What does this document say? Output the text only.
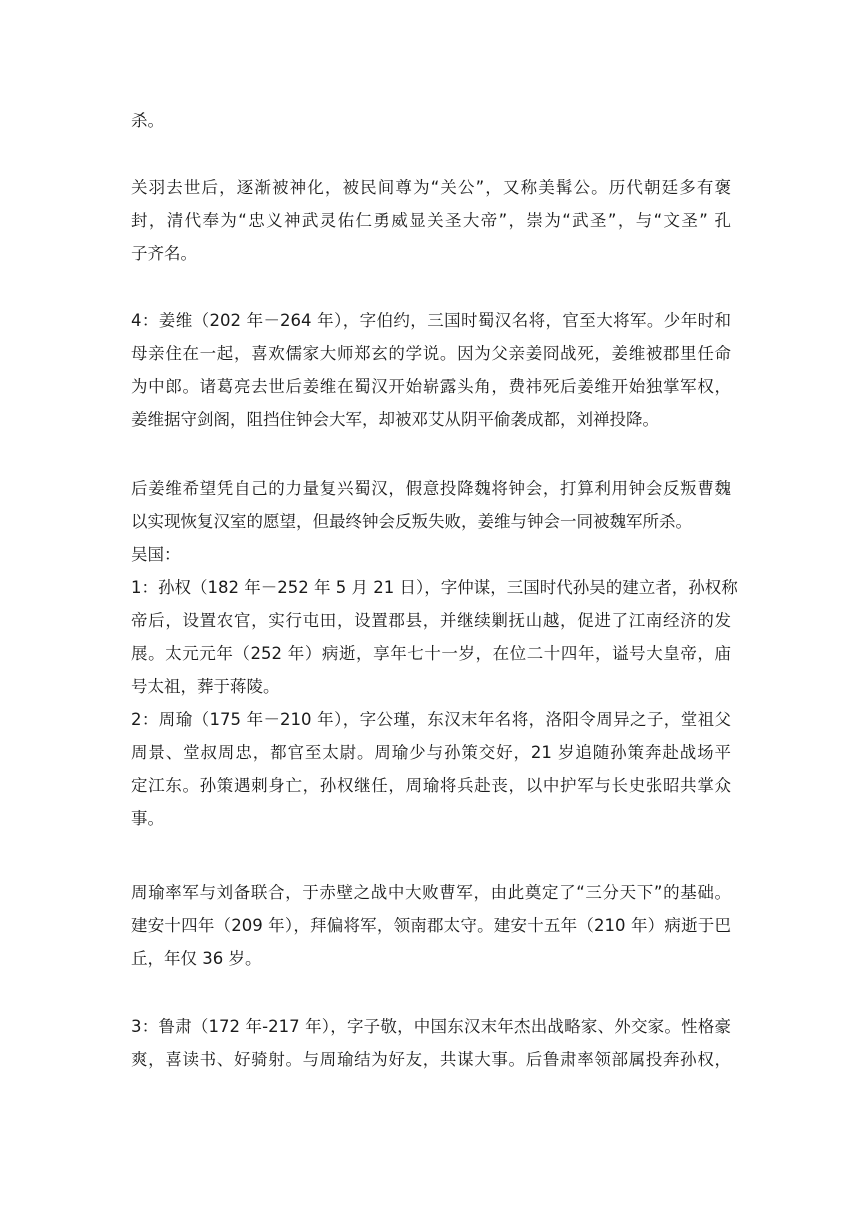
杀。
关羽去世后，逐渐被神化，被民间尊为“关公”，又称美髯公。历代朝廷多有褒
封，清代奉为“忠义神武灵佑仁勇威显关圣大帝”，崇为“武圣”，与“文圣” 孔
子齐名。
4：姜维（202 年－264 年），字伯约，三国时蜀汉名将，官至大将军。少年时和
母亲住在一起，喜欢儒家大师郑玄的学说。因为父亲姜冏战死，姜维被郡里任命
为中郎。诸葛亮去世后姜维在蜀汉开始崭露头角，费祎死后姜维开始独掌军权，
姜维据守剑阁，阻挡住钟会大军，却被邓艾从阴平偷袭成都，刘禅投降。
后姜维希望凭自己的力量复兴蜀汉，假意投降魏将钟会，打算利用钟会反叛曹魏
以实现恢复汉室的愿望，但最终钟会反叛失败，姜维与钟会一同被魏军所杀。
吴国：
1：孙权（182 年－252 年 5 月 21 日），字仲谋，三国时代孙吴的建立者，孙权称
帝后，设置农官，实行屯田，设置郡县，并继续剿抚山越，促进了江南经济的发
展。太元元年（252 年）病逝，享年七十一岁，在位二十四年，谥号大皇帝，庙
号太祖，葬于蒋陵。
2：周瑜（175 年－210 年），字公瑾，东汉末年名将，洛阳令周异之子，堂祖父
周景、堂叔周忠，都官至太尉。周瑜少与孙策交好，21 岁追随孙策奔赴战场平
定江东。孙策遇刺身亡，孙权继任，周瑜将兵赴丧，以中护军与长史张昭共掌众
事。
周瑜率军与刘备联合，于赤壁之战中大败曹军，由此奠定了“三分天下”的基础。
建安十四年（209 年），拜偏将军，领南郡太守。建安十五年（210 年）病逝于巴
丘，年仅 36 岁。
3：鲁肃（172 年-217 年），字子敬，中国东汉末年杰出战略家、外交家。性格豪
爽，喜读书、好骑射。与周瑜结为好友，共谋大事。后鲁肃率领部属投奔孙权，
